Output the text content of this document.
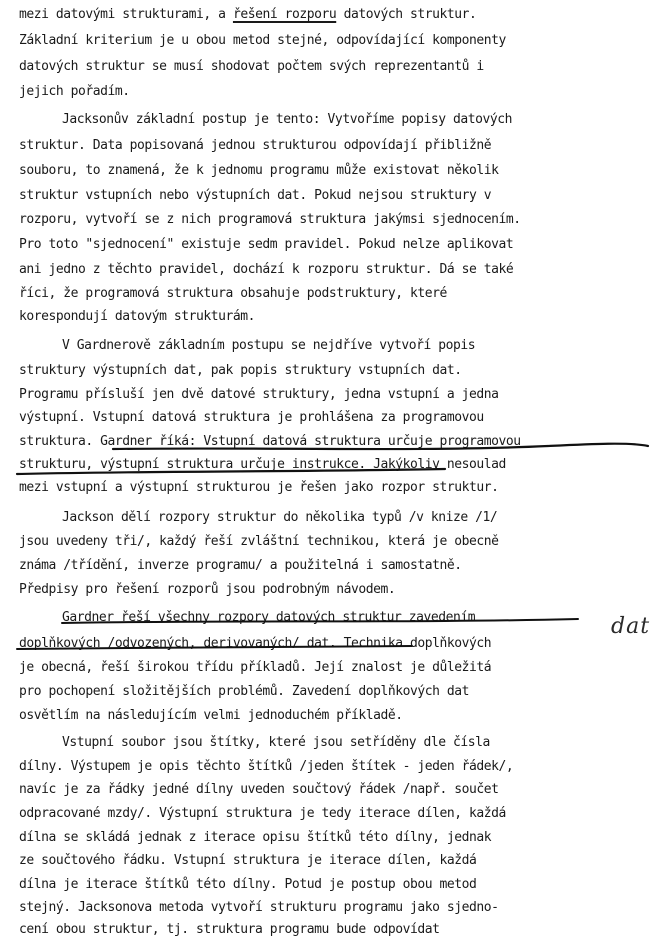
mezi datovými strukturami, a řešení rozporu datových struktur.
Základní kriterium je u obou metod stejné, odpovídající komponenty
datových struktur se musí shodovat počtem svých reprezentantů i
jejich pořadím.
Jacksonův základní postup je tento: Vytvoříme popisy datových
struktur. Data popisovaná jednou strukturou odpovídají přibližně
souboru, to znamená, že k jednomu programu může existovat několik
struktur vstupních nebo výstupních dat. Pokud nejsou struktury v
rozporu, vytvoří se z nich programová struktura jakýmsi sjednocením.
Pro toto "sjednocení" existuje sedm pravidel. Pokud nelze aplikovat
ani jedno z těchto pravidel, dochází k rozporu struktur. Dá se také
říci, že programová struktura obsahuje podstruktury, které
korespondují datovým strukturám.
V Gardnerově základním postupu se nejdříve vytvoří popis
struktury výstupních dat, pak popis struktury vstupních dat.
Programu přísluší jen dvě datové struktury, jedna vstupní a jedna
výstupní. Vstupní datová struktura je prohlášena za programovou
struktura. Gardner říká: Vstupní datová struktura určuje programovou
strukturu, výstupní struktura určuje instrukce. Jakýkoliv nesoulad
mezi vstupní a výstupní strukturou je řešen jako rozpor struktur.
Jackson dělí rozpory struktur do několika typů /v knize /1/
jsou uvedeny tři/, každý řeší zvláštní technikou, která je obecně
známa /třídění, inverze programu/ a použitelná i samostatně.
Předpisy pro řešení rozporů jsou podrobným návodem.
Gardner řeší všechny rozpory datových struktur zavedením
doplňkových /odvozených, derivovaných/ dat. Technika doplňkových
je obecná, řeší širokou třídu příkladů. Její znalost je důležitá
pro pochopení složitějších problémů. Zavedení doplňkových dat
osvětlím na následujícím velmi jednoduchém příkladě.
Vstupní soubor jsou štítky, které jsou setříděny dle čísla
dílny. Výstupem je opis těchto štítků /jeden štítek - jeden řádek/,
navíc je za řádky jedné dílny uveden součtový řádek /např. součet
odpracované mzdy/. Výstupní struktura je tedy iterace dílen, každá
dílna se skládá jednak z iterace opisu štítků této dílny, jednak
ze součtového řádku. Vstupní struktura je iterace dílen, každá
dílna je iterace štítků této dílny. Potud je postup obou metod
stejný. Jacksonova metoda vytvoří strukturu programu jako sjedno-
cení obou struktur, tj. struktura programu bude odpovídat
dat
